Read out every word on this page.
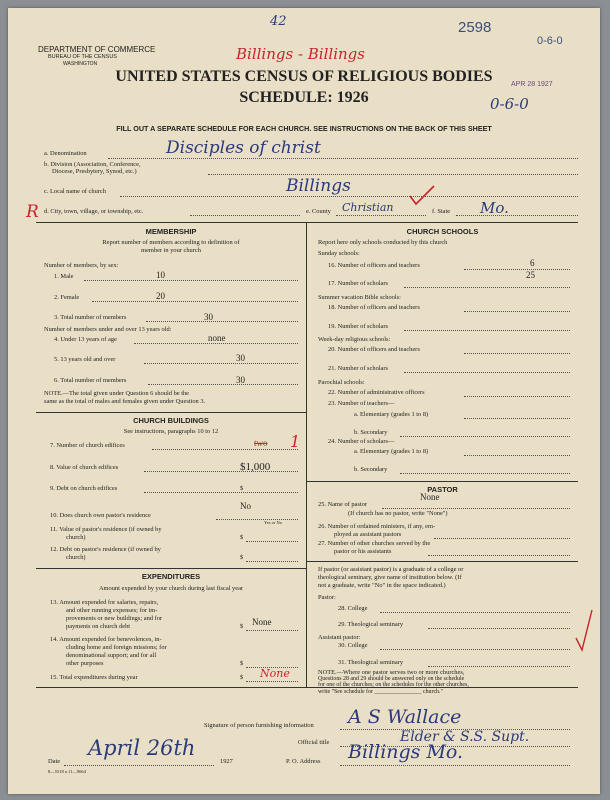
42	2598
0-6-0
DEPARTMENT OF COMMERCE
BUREAU OF THE CENSUS
WASHINGTON
Billings - Billings
APR 28 1927
UNITED STATES CENSUS OF RELIGIOUS BODIES
SCHEDULE: 1926	0-6-0
FILL OUT A SEPARATE SCHEDULE FOR EACH CHURCH. SEE INSTRUCTIONS ON THE BACK OF THIS SHEET
a. Denomination	Disciples of christ
b. Division (Association, Conference,
Diocese, Presbytery, Synod, etc.)
c. Local name of church	Billings
R d. City, town, village, or township, etc.	e. County Christian	f. State Mo.
MEMBERSHIP
Report number of members according to definition of
member in your church
Number of members, by sex:
1. Male	10
2. Female	20
3. Total number of members	30
Number of members under and over 13 years old:
4. Under 13 years of age	none
5. 13 years old and over	30
6. Total number of members	30
NOTE.—The total given under Question 6 should be the
same as the total of males and females given under Question 3.
CHURCH BUILDINGS
See instructions, paragraphs 10 to 12
7. Number of church edifices	two 1
8. Value of church edifices	$1,000
9. Debt on church edifices	$
10. Does church own pastor's residence
No
Yes or No
11. Value of pastor's residence (if owned by
church)	$
12. Debt on pastor's residence (if owned by
church)	$
EXPENDITURES
Amount expended by your church during last fiscal year
13. Amount expended for salaries, repairs,
and other running expenses; for im-
provements or new buildings; and for
payments on church debt	$ None
14. Amount expended for benevolences, in-
cluding home and foreign missions; for
denominational support; and for all
other purposes	$
15. Total expenditures during year	$ None
CHURCH SCHOOLS
Report here only schools conducted by this church
Sunday schools:
16. Number of officers and teachers	6
17. Number of scholars
25
Summer vacation Bible schools:
18. Number of officers and teachers
19. Number of scholars
Week-day religious schools:
20. Number of officers and teachers
21. Number of scholars
Parochial schools:
22. Number of administrative officers
23. Number of teachers—
a. Elementary (grades 1 to 8)
b. Secondary
24. Number of scholars—
a. Elementary (grades 1 to 8)
b. Secondary
PASTOR
25. Name of pastor
None
(If church has no pastor, write "None")
26. Number of ordained ministers, if any, em-
ployed as assistant pastors
27. Number of other churches served by the
pastor or his assistants
If pastor (or assistant pastor) is a graduate of a college or
theological seminary, give name of institution below. (If
not a graduate, write "No" in the space indicated.)
Pastor:
28. College
29. Theological seminary
Assistant pastor:
30. College
31. Theological seminary
NOTE.—Where one pastor serves two or more churches,
Questions 28 and 29 should be answered only on the schedule
for one of the churches; on the schedules for the other churches,
write "See schedule for ________________ church."
Signature of person furnishing information A S Wallace
Official title	Elder & S.S. Supt.
Date
April 26th
1927	P. O. Address Billings Mo.
8—5518 a 11—9664
